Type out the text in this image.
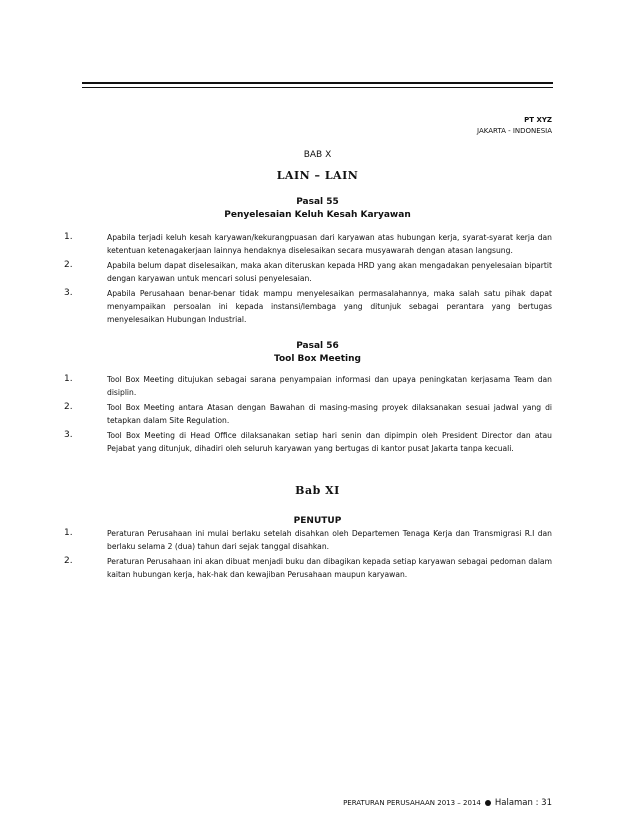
PT XYZ
JAKARTA - INDONESIA
BAB X
LAIN – LAIN
Pasal 55
Penyelesaian Keluh Kesah Karyawan
1.	Apabila terjadi keluh kesah karyawan/kekurangpuasan dari karyawan atas hubungan kerja, syarat-syarat kerja dan ketentuan ketenagakerjaan lainnya hendaknya diselesaikan secara musyawarah dengan atasan langsung.
2.	Apabila belum dapat diselesaikan, maka akan diteruskan kepada HRD yang akan mengadakan penyelesaian bipartit dengan karyawan untuk mencari solusi penyelesaian.
3.	Apabila Perusahaan benar-benar tidak mampu menyelesaikan permasalahannya, maka salah satu pihak dapat menyampaikan persoalan ini kepada instansi/lembaga yang ditunjuk sebagai perantara yang bertugas menyelesaikan Hubungan Industrial.
Pasal 56
Tool Box Meeting
1.	Tool Box Meeting ditujukan sebagai sarana penyampaian informasi dan upaya peningkatan kerjasama Team dan disiplin.
2.	Tool Box Meeting antara Atasan dengan Bawahan di masing-masing proyek dilaksanakan sesuai jadwal yang di tetapkan dalam Site Regulation.
3.	Tool Box Meeting di Head Office dilaksanakan setiap hari senin dan dipimpin oleh President Director dan atau Pejabat yang ditunjuk, dihadiri oleh seluruh karyawan yang bertugas di kantor pusat Jakarta tanpa kecuali.
Bab XI
PENUTUP
1.	Peraturan Perusahaan ini mulai berlaku setelah disahkan oleh Departemen Tenaga Kerja dan Transmigrasi R.I dan berlaku selama 2 (dua) tahun dari sejak tanggal disahkan.
2.	Peraturan Perusahaan ini akan dibuat menjadi buku dan dibagikan kepada setiap karyawan sebagai pedoman dalam kaitan hubungan kerja, hak-hak dan kewajiban Perusahaan maupun karyawan.
PERATURAN PERUSAHAAN 2013 – 2014 Halaman : 31
